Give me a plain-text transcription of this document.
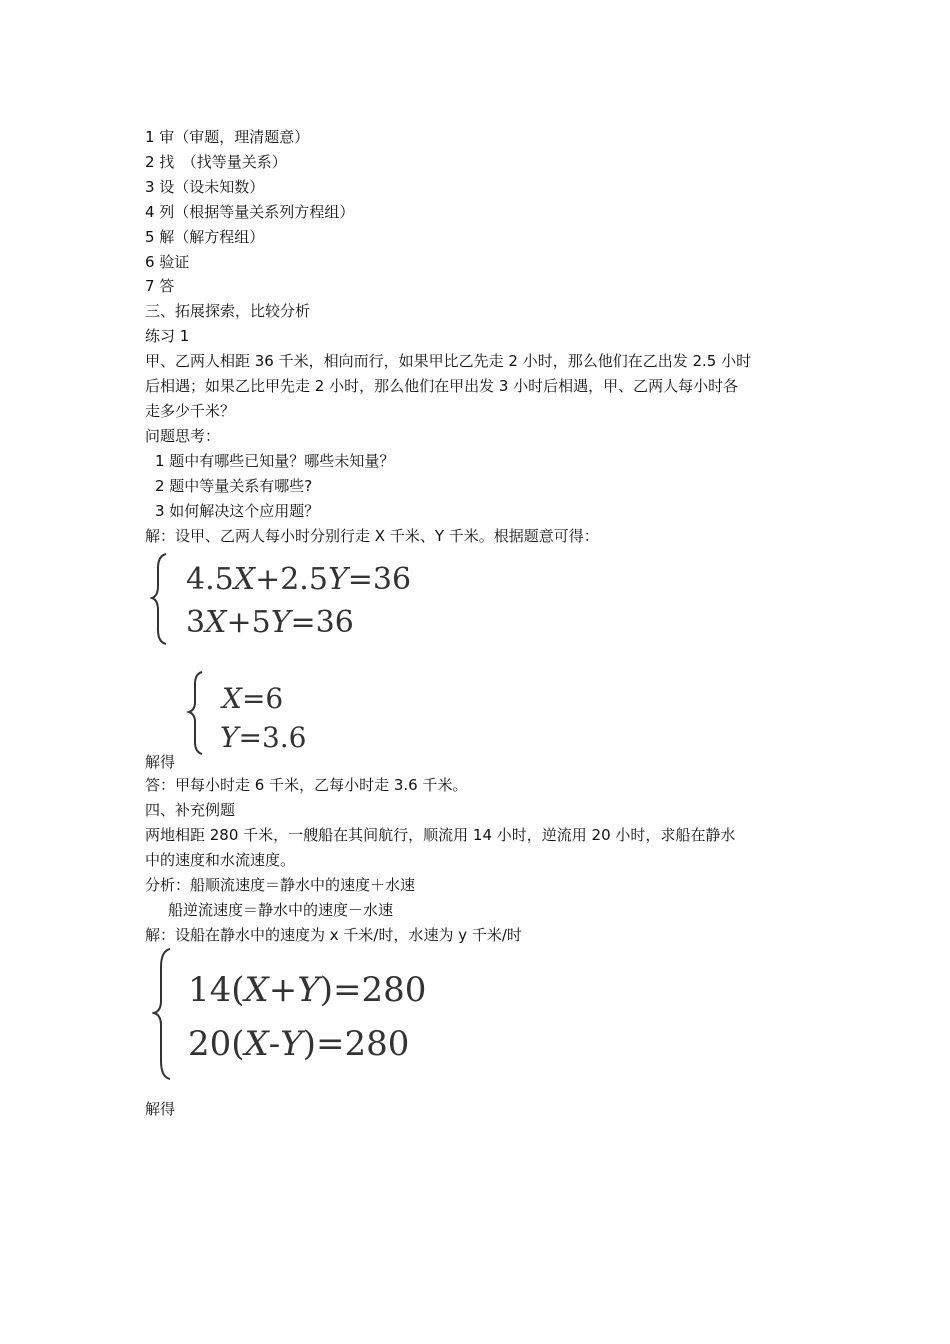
1 审（审题，理清题意）
2 找　（找等量关系）
3 设（设未知数）
4 列（根据等量关系列方程组）
5 解（解方程组）
6 验证
7 答
三、拓展探索，比较分析
练习 1
甲、乙两人相距 36 千米，相向而行，如果甲比乙先走 2 小时，那么他们在乙出发 2.5 小时
后相遇；如果乙比甲先走 2 小时，那么他们在甲出发 3 小时后相遇，甲、乙两人每小时各
走多少千米？
问题思考：
1 题中有哪些已知量？哪些未知量？
2 题中等量关系有哪些?
3 如何解决这个应用题？
解：设甲、乙两人每小时分别行走 X 千米、Y 千米。根据题意可得：
4.5X+2.5Y=36
3X+5Y=36
X=6
Y=3.6
解得
答：甲每小时走 6 千米，乙每小时走 3.6 千米。
四、补充例题
两地相距 280 千米，一艘船在其间航行，顺流用 14 小时，逆流用 20 小时，求船在静水
中的速度和水流速度。
分析：船顺流速度＝静水中的速度＋水速
船逆流速度＝静水中的速度－水速
解：设船在静水中的速度为 x 千米/时，水速为 y 千米/时
14(X+Y)=280
20(X-Y)=280
解得
